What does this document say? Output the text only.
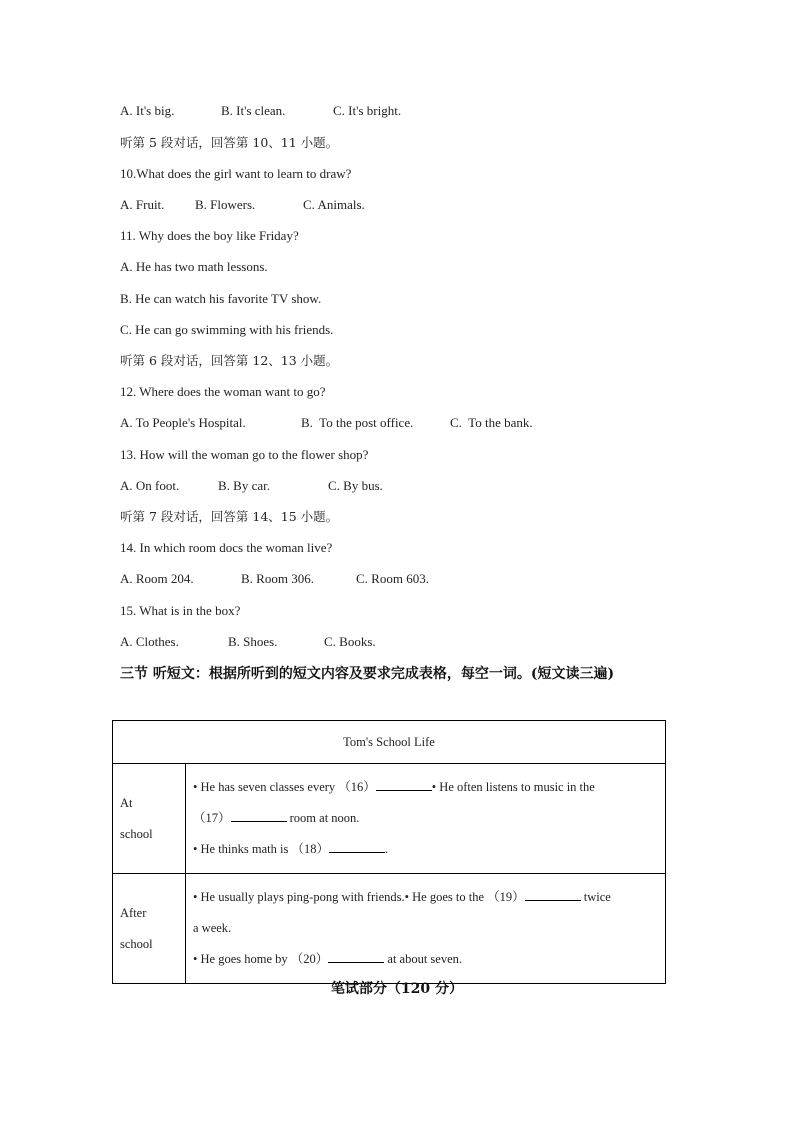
A. It's big.	B. It's clean.	C. It's bright.
听第 5 段对话，回答第 10、11 小题。
10.What does the girl want to learn to draw?
A. Fruit. B. Flowers.	C. Animals.
11. Why does the boy like Friday?
A. He has two math lessons.
B. He can watch his favorite TV show.
C. He can go swimming with his friends.
听第 6 段对话，回答第 12、13 小题。
12. Where does the woman want to go?
A. To People's Hospital.	B.  To the post office.	C.  To the bank.
13. How will the woman go to the flower shop?
A. On foot.	B. By car.	C. By bus.
听第 7 段对话，回答第 14、15 小题。
14. In which room docs the woman live?
A. Room 204.	B. Room 306.	C. Room 603.
15. What is in the box?
A. Clothes.	B. Shoes.	C. Books.
三节 听短文：根据所听到的短文内容及要求完成表格，每空一词。(短文读三遍)
Tom's School Life	
At
school	• He has seven classes every （16） • He often listens to music in the
（17） room at noon.
• He thinks math is （18） .
After
school	• He usually plays ping-pong with friends.• He goes to the （19） twice
a week.
• He goes home by （20） at about seven.
笔试部分（120 分）
